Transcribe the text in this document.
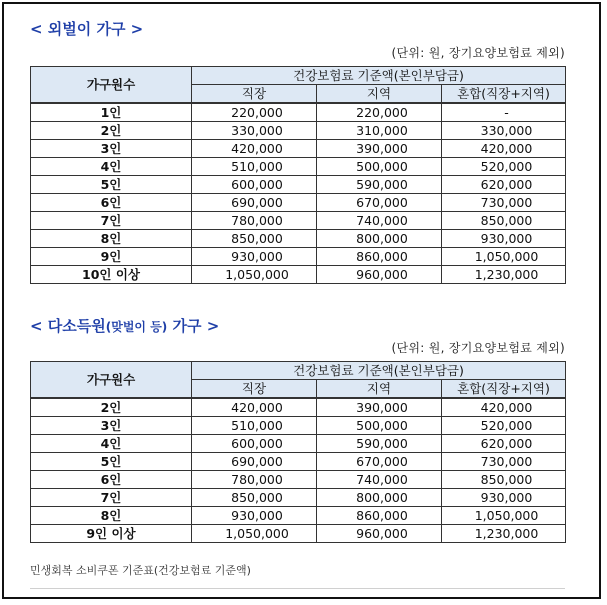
< 외벌이 가구 >
(단위: 원, 장기요양보험료 제외)
가구원수	건강보험료 기준액(본인부담금)		
	직장	지역	혼합(직장+지역)
1인	220,000	220,000	-
2인	330,000	310,000	330,000
3인	420,000	390,000	420,000
4인	510,000	500,000	520,000
5인	600,000	590,000	620,000
6인	690,000	670,000	730,000
7인	780,000	740,000	850,000
8인	850,000	800,000	930,000
9인	930,000	860,000	1,050,000
10인 이상	1,050,000	960,000	1,230,000
< 다소득원(맞벌이 등) 가구 >
(단위: 원, 장기요양보험료 제외)
가구원수	건강보험료 기준액(본인부담금)		
	직장	지역	혼합(직장+지역)
2인	420,000	390,000	420,000
3인	510,000	500,000	520,000
4인	600,000	590,000	620,000
5인	690,000	670,000	730,000
6인	780,000	740,000	850,000
7인	850,000	800,000	930,000
8인	930,000	860,000	1,050,000
9인 이상	1,050,000	960,000	1,230,000
민생회복 소비쿠폰 기준표(건강보험료 기준액)
